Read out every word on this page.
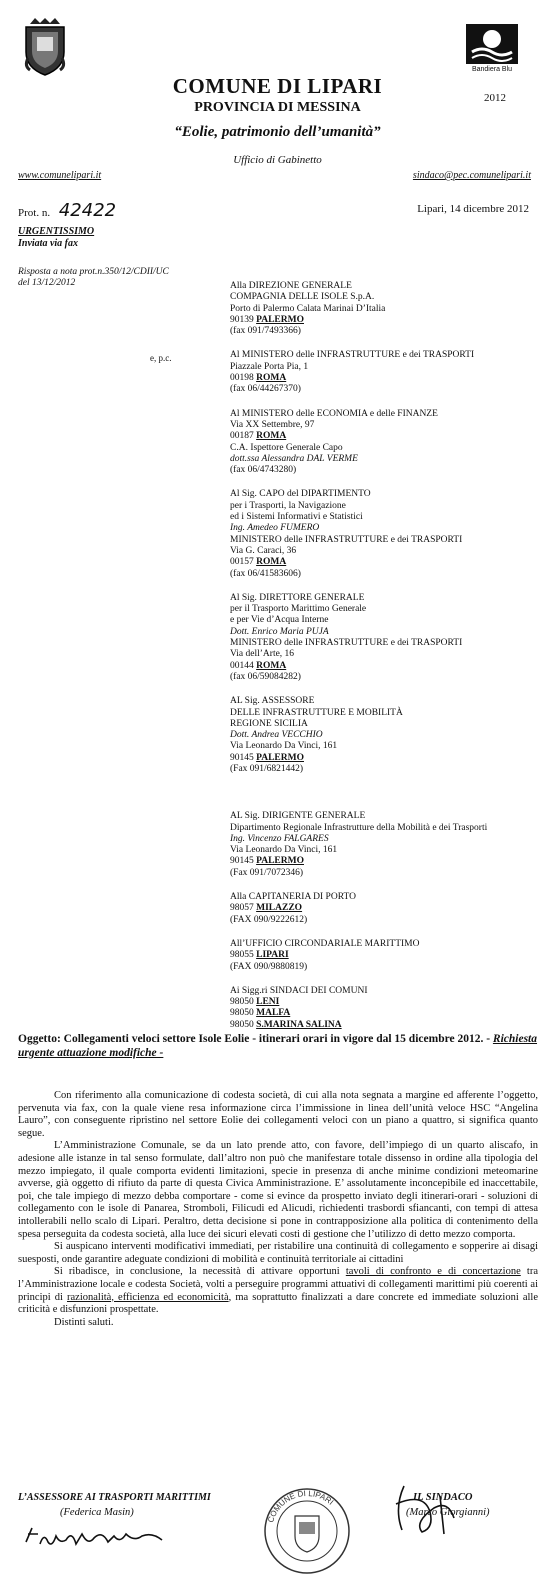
Bandiera Blu
COMUNE DI LIPARI	2012
PROVINCIA DI MESSINA
“Eolie, patrimonio dell’umanità”
Ufficio di Gabinetto
www.comunelipari.it	sindaco@pec.comunelipari.it
Prot. n. 42422	Lipari, 14 dicembre 2012
URGENTISSIMO
Inviata via fax
Risposta a nota prot.n.350/12/CDII/UC
del 13/12/2012
e, p.c.
Alla DIREZIONE GENERALE
COMPAGNIA DELLE ISOLE S.p.A.
Porto di Palermo Calata Marinai D’Italia
90139 PALERMO
(fax 091/7493366)
Al MINISTERO delle INFRASTRUTTURE e dei TRASPORTI
Piazzale Porta Pia, 1
00198 ROMA
(fax 06/44267370)
Al MINISTERO delle ECONOMIA e delle FINANZE
Via XX Settembre, 97
00187 ROMA
C.A. Ispettore Generale Capo
dott.ssa Alessandra DAL VERME
(fax 06/4743280)
Al Sig. CAPO del DIPARTIMENTO
per i Trasporti, la Navigazione
ed i Sistemi Informativi e Statistici
Ing. Amedeo FUMERO
MINISTERO delle INFRASTRUTTURE e dei TRASPORTI
Via G. Caraci, 36
00157 ROMA
(fax 06/41583606)
Al Sig. DIRETTORE GENERALE
per il Trasporto Marittimo Generale
e per Vie d’Acqua Interne
Dott. Enrico Maria PUJA
MINISTERO delle INFRASTRUTTURE e dei TRASPORTI
Via dell’Arte, 16
00144 ROMA
(fax 06/59084282)
AL Sig. ASSESSORE
DELLE INFRASTRUTTURE E MOBILITÀ
REGIONE SICILIA
Dott. Andrea VECCHIO
Via Leonardo Da Vinci, 161
90145 PALERMO
(Fax 091/6821442)
AL Sig. DIRIGENTE GENERALE
Dipartimento Regionale Infrastrutture della Mobilità e dei Trasporti
Ing. Vincenzo FALGARES
Via Leonardo Da Vinci, 161
90145 PALERMO
(Fax 091/7072346)
Alla CAPITANERIA DI PORTO
98057 MILAZZO
(FAX 090/9222612)
All’UFFICIO CIRCONDARIALE MARITTIMO
98055 LIPARI
(FAX 090/9880819)
Ai Sigg.ri SINDACI DEI COMUNI
98050 LENI
98050 MALFA
98050 S.MARINA SALINA
Oggetto: Collegamenti veloci settore Isole Eolie - itinerari orari in vigore dal 15 dicembre 2012. - Richiesta urgente attuazione modifiche -

Con riferimento alla comunicazione di codesta società, di cui alla nota segnata a margine ed afferente l’oggetto, pervenuta via fax, con la quale viene resa informazione circa l’immissione in linea dell’unità veloce HSC “Angelina Lauro”, con conseguente ripristino nel settore Eolie dei collegamenti veloci con un piano a quattro, si significa quanto segue.

L’Amministrazione Comunale, se da un lato prende atto, con favore, dell’impiego di un quarto aliscafo, in adesione alle istanze in tal senso formulate, dall’altro non può che manifestare totale dissenso in ordine alla tipologia del mezzo impiegato, il quale comporta evidenti limitazioni, specie in presenza di anche minime condizioni meteomarine avverse, già oggetto di rifiuto da parte di questa Civica Amministrazione. E’ assolutamente inconcepibile ed inaccettabile, poi, che tale impiego di mezzo debba comportare - come si evince da prospetto inviato degli itinerari-orari - soluzioni di collegamento con le isole di Panarea, Stromboli, Filicudi ed Alicudi, richiedenti trasbordi sfiancanti, con tempi di attesa intollerabili nello scalo di Lipari. Peraltro, detta decisione si pone in contrapposizione alla politica di contenimento della spesa perseguita da codesta società, alla luce dei sicuri elevati costi di gestione che l’utilizzo di detto mezzo comporta.

Si auspicano interventi modificativi immediati, per ristabilire una continuità di collegamento e sopperire ai disagi suesposti, onde garantire adeguate condizioni di mobilità e continuità territoriale ai cittadini

Si ribadisce, in conclusione, la necessità di attivare opportuni tavoli di confronto e di concertazione tra l’Amministrazione locale e codesta Società, volti a perseguire programmi attuativi di collegamenti marittimi più coerenti ai principi di razionalità, efficienza ed economicità, ma soprattutto finalizzati a dare concrete ed immediate soluzioni alle criticità e disfunzioni prospettate.

Distinti saluti.

L’ASSESSORE AI TRASPORTI MARITTIMI
(Federica Masin)
COMUNE DI LIPARI	IL SINDACO
(Marco Giorgianni)
